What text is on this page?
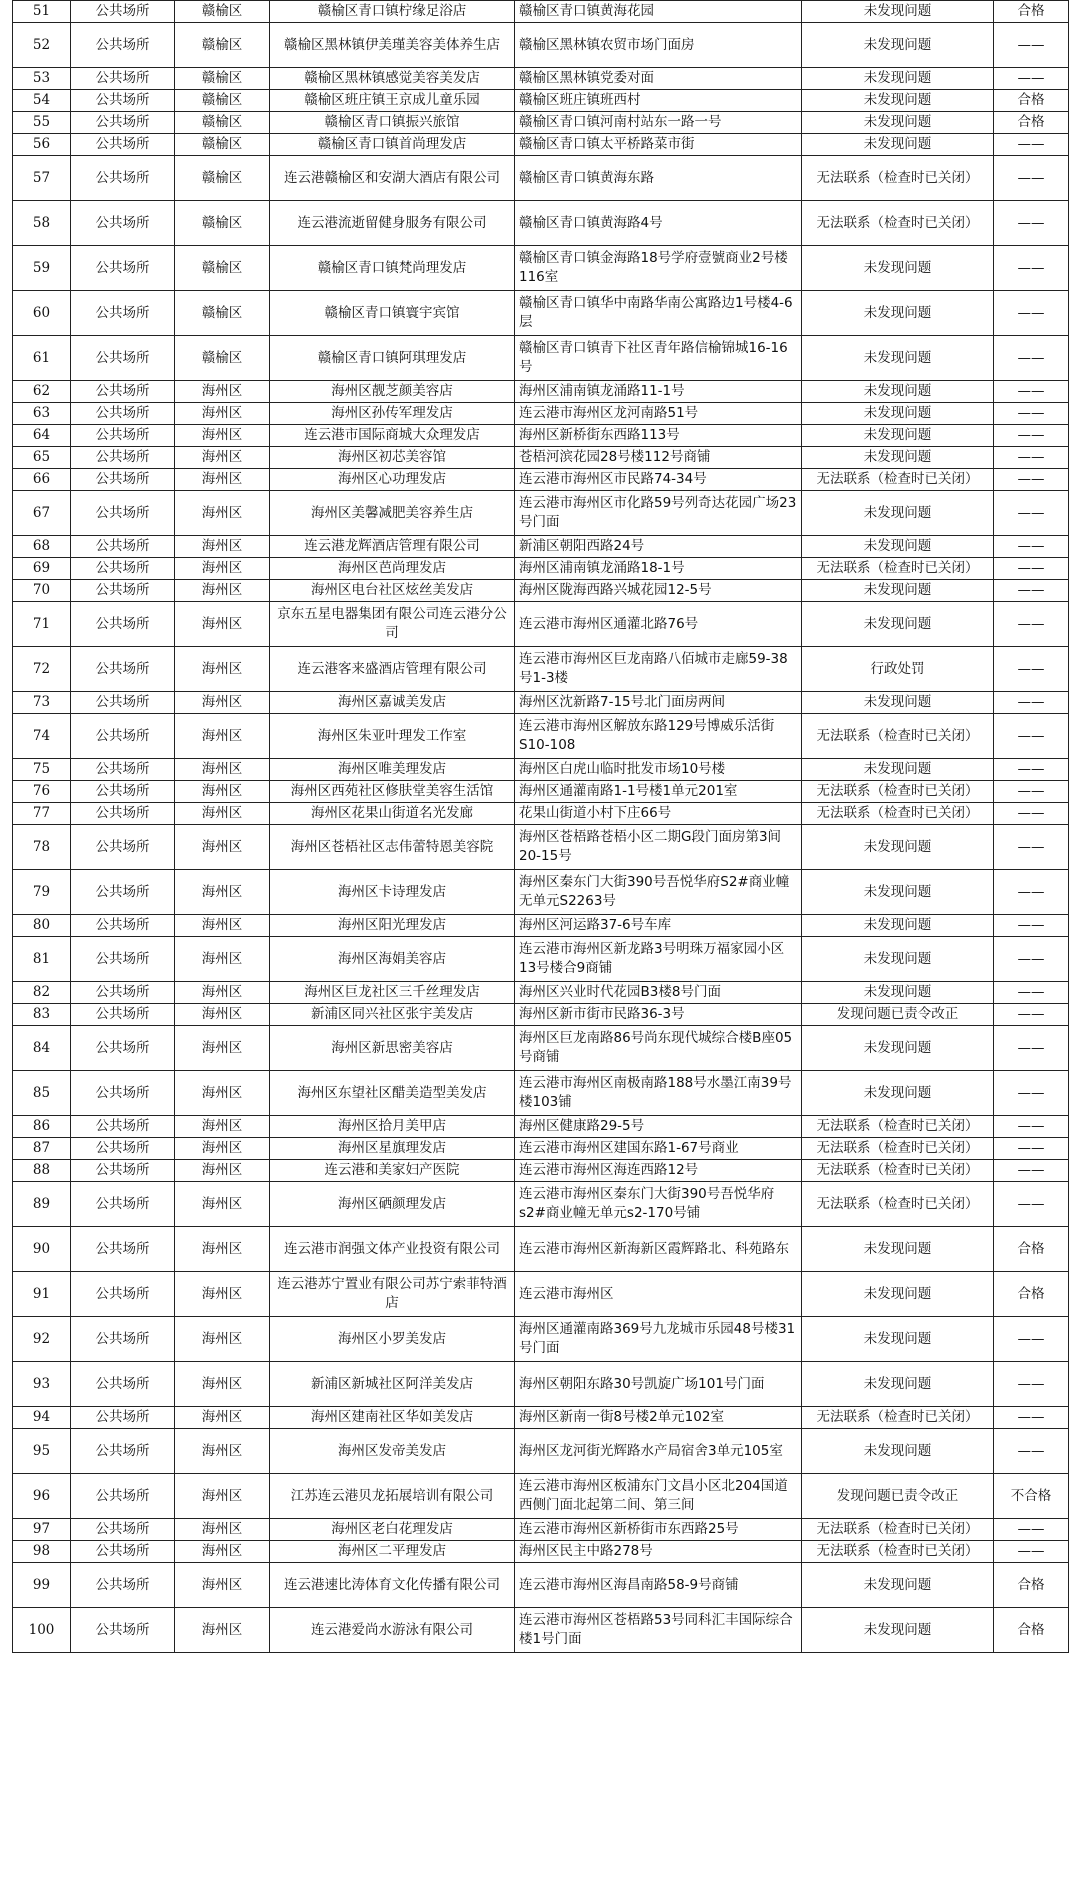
51	公共场所	赣榆区	赣榆区青口镇柠缘足浴店	赣榆区青口镇黄海花园	未发现问题	合格
52	公共场所	赣榆区	赣榆区黑林镇伊美瑾美容美体养生店	赣榆区黑林镇农贸市场门面房	未发现问题	——
53	公共场所	赣榆区	赣榆区黑林镇感觉美容美发店	赣榆区黑林镇党委对面	未发现问题	——
54	公共场所	赣榆区	赣榆区班庄镇王京成儿童乐园	赣榆区班庄镇班西村	未发现问题	合格
55	公共场所	赣榆区	赣榆区青口镇振兴旅馆	赣榆区青口镇河南村站东一路一号	未发现问题	合格
56	公共场所	赣榆区	赣榆区青口镇首尚理发店	赣榆区青口镇太平桥路菜市街	未发现问题	——
57	公共场所	赣榆区	连云港赣榆区和安湖大酒店有限公司	赣榆区青口镇黄海东路	无法联系（检查时已关闭）	——
58	公共场所	赣榆区	连云港流逝留健身服务有限公司	赣榆区青口镇黄海路4号	无法联系（检查时已关闭）	——
59	公共场所	赣榆区	赣榆区青口镇梵尚理发店	赣榆区青口镇金海路18号学府壹號商业2号楼116室	未发现问题	——
60	公共场所	赣榆区	赣榆区青口镇寰宇宾馆	赣榆区青口镇华中南路华南公寓路边1号楼4-6层	未发现问题	——
61	公共场所	赣榆区	赣榆区青口镇阿琪理发店	赣榆区青口镇青下社区青年路信榆锦城16-16号	未发现问题	——
62	公共场所	海州区	海州区靓芝颜美容店	海州区浦南镇龙涌路11-1号	未发现问题	——
63	公共场所	海州区	海州区孙传军理发店	连云港市海州区龙河南路51号	未发现问题	——
64	公共场所	海州区	连云港市国际商城大众理发店	海州区新桥街东西路113号	未发现问题	——
65	公共场所	海州区	海州区初芯美容馆	苍梧河滨花园28号楼112号商铺	未发现问题	——
66	公共场所	海州区	海州区心功理发店	连云港市海州区市民路74-34号	无法联系（检查时已关闭）	——
67	公共场所	海州区	海州区美馨减肥美容养生店	连云港市海州区市化路59号列奇达花园广场23号门面	未发现问题	——
68	公共场所	海州区	连云港龙辉酒店管理有限公司	新浦区朝阳西路24号	未发现问题	——
69	公共场所	海州区	海州区芭尚理发店	海州区浦南镇龙涌路18-1号	无法联系（检查时已关闭）	——
70	公共场所	海州区	海州区电台社区炫丝美发店	海州区陇海西路兴城花园12-5号	未发现问题	——
71	公共场所	海州区	京东五星电器集团有限公司连云港分公司	连云港市海州区通灌北路76号	未发现问题	——
72	公共场所	海州区	连云港客来盛酒店管理有限公司	连云港市海州区巨龙南路八佰城市走廊59-38号1-3楼	行政处罚	——
73	公共场所	海州区	海州区嘉诚美发店	海州区沈新路7-15号北门面房两间	未发现问题	——
74	公共场所	海州区	海州区朱亚叶理发工作室	连云港市海州区解放东路129号博威乐活街S10-108	无法联系（检查时已关闭）	——
75	公共场所	海州区	海州区唯美理发店	海州区白虎山临时批发市场10号楼	未发现问题	——
76	公共场所	海州区	海州区西苑社区修肤堂美容生活馆	海州区通灌南路1-1号楼1单元201室	无法联系（检查时已关闭）	——
77	公共场所	海州区	海州区花果山街道名光发廊	花果山街道小村下庄66号	无法联系（检查时已关闭）	——
78	公共场所	海州区	海州区苍梧社区志伟蕾特恩美容院	海州区苍梧路苍梧小区二期G段门面房第3间20-15号	未发现问题	——
79	公共场所	海州区	海州区卡诗理发店	海州区秦东门大街390号吾悦华府S2#商业幢无单元S2263号	未发现问题	——
80	公共场所	海州区	海州区阳光理发店	海州区河运路37-6号车库	未发现问题	——
81	公共场所	海州区	海州区海娟美容店	连云港市海州区新龙路3号明珠万福家园小区13号楼合9商铺	未发现问题	——
82	公共场所	海州区	海州区巨龙社区三千丝理发店	海州区兴业时代花园B3楼8号门面	未发现问题	——
83	公共场所	海州区	新浦区同兴社区张宇美发店	海州区新市街市民路36-3号	发现问题已责令改正	——
84	公共场所	海州区	海州区新思密美容店	海州区巨龙南路86号尚东现代城综合楼B座05号商铺	未发现问题	——
85	公共场所	海州区	海州区东望社区醋美造型美发店	连云港市海州区南极南路188号水墨江南39号楼103铺	未发现问题	——
86	公共场所	海州区	海州区拾月美甲店	海州区健康路29-5号	无法联系（检查时已关闭）	——
87	公共场所	海州区	海州区星旗理发店	连云港市海州区建国东路1-67号商业	无法联系（检查时已关闭）	——
88	公共场所	海州区	连云港和美家妇产医院	连云港市海州区海连西路12号	无法联系（检查时已关闭）	——
89	公共场所	海州区	海州区硒颜理发店	连云港市海州区秦东门大街390号吾悦华府s2#商业幢无单元s2-170号铺	无法联系（检查时已关闭）	——
90	公共场所	海州区	连云港市润强文体产业投资有限公司	连云港市海州区新海新区霞辉路北、科苑路东	未发现问题	合格
91	公共场所	海州区	连云港苏宁置业有限公司苏宁索菲特酒店	连云港市海州区	未发现问题	合格
92	公共场所	海州区	海州区小罗美发店	海州区通灌南路369号九龙城市乐园48号楼31号门面	未发现问题	——
93	公共场所	海州区	新浦区新城社区阿洋美发店	海州区朝阳东路30号凯旋广场101号门面	未发现问题	——
94	公共场所	海州区	海州区建南社区华如美发店	海州区新南一街8号楼2单元102室	无法联系（检查时已关闭）	——
95	公共场所	海州区	海州区发帝美发店	海州区龙河街光辉路水产局宿舍3单元105室	未发现问题	——
96	公共场所	海州区	江苏连云港贝龙拓展培训有限公司	连云港市海州区板浦东门文昌小区北204国道西侧门面北起第二间、第三间	发现问题已责令改正	不合格
97	公共场所	海州区	海州区老白花理发店	连云港市海州区新桥街市东西路25号	无法联系（检查时已关闭）	——
98	公共场所	海州区	海州区二平理发店	海州区民主中路278号	无法联系（检查时已关闭）	——
99	公共场所	海州区	连云港速比涛体育文化传播有限公司	连云港市海州区海昌南路58-9号商铺	未发现问题	合格
100	公共场所	海州区	连云港爱尚水游泳有限公司	连云港市海州区苍梧路53号同科汇丰国际综合楼1号门面	未发现问题	合格
